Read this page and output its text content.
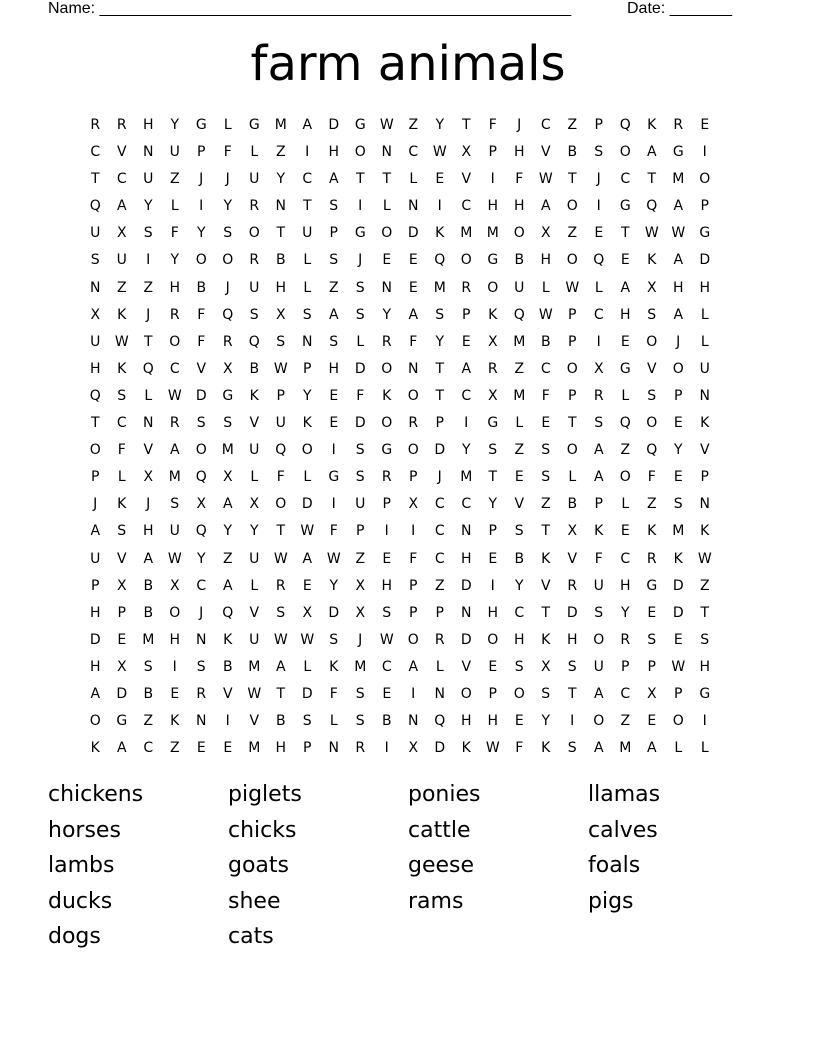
Name: _____________________________________________________	Date: _______
farm animals
R	R	H	Y	G	L	G	M	A	D	G	W	Z	Y	T	F	J	C	Z	P	Q	K	R	E
C	V	N	U	P	F	L	Z	I	H	O	N	C	W	X	P	H	V	B	S	O	A	G	I
T	C	U	Z	J	J	U	Y	C	A	T	T	L	E	V	I	F	W	T	J	C	T	M	O
Q	A	Y	L	I	Y	R	N	T	S	I	L	N	I	C	H	H	A	O	I	G	Q	A	P
U	X	S	F	Y	S	O	T	U	P	G	O	D	K	M	M	O	X	Z	E	T	W W	G
S	U	I	Y	O	O	R	B	L	S	J	E	E	Q	O	G	B	H	O	Q	E	K	A	D
N	Z	Z	H	B	J	U	H	L	Z	S	N	E	M	R	O	U	L	W	L	A	X	H	H
X	K	J	R	F	Q	S	X	S	A	S	Y	A	S	P	K	Q	W	P	C	H	S	A	L
U	W	T	O	F	R	Q	S	N	S	L	R	F	Y	E	X	M	B	P	I	E	O	J	L
H	K	Q	C	V	X	B	W	P	H	D	O	N	T	A	R	Z	C	O	X	G	V	O	U
Q	S	L	W	D	G	K	P	Y	E	F	K	O	T	C	X	M	F	P	R	L	S	P	N
T	C	N	R	S	S	V	U	K	E	D	O	R	P	I	G	L	E	T	S	Q	O	E	K
O	F	V	A	O	M	U	Q	O	I	S	G	O	D	Y	S	Z	S	O	A	Z	Q	Y	V
P	L	X	M	Q	X	L	F	L	G	S	R	P	J	M	T	E	S	L	A	O	F	E	P
J	K	J	S	X	A	X	O	D	I	U	P	X	C	C	Y	V	Z	B	P	L	Z	S	N
A	S	H	U	Q	Y	Y	T	W	F	P	I	I	C	N	P	S	T	X	K	E	K	M	K
U	V	A	W	Y	Z	U	W	A	W	Z	E	F	C	H	E	B	K	V	F	C	R	K	W
P	X	B	X	C	A	L	R	E	Y	X	H	P	Z	D	I	Y	V	R	U	H	G	D	Z
H	P	B	O	J	Q	V	S	X	D	X	S	P	P	N	H	C	T	D	S	Y	E	D	T
D	E	M	H	N	K	U	W W	S	J	W	O	R	D	O	H	K	H	O	R	S	E	S
H	X	S	I	S	B	M	A	L	K	M	C	A	L	V	E	S	X	S	U	P	P	W	H
A	D	B	E	R	V	W	T	D	F	S	E	I	N	O	P	O	S	T	A	C	X	P	G
O	G	Z	K	N	I	V	B	S	L	S	B	N	Q	H	H	E	Y	I	O	Z	E	O	I
K	A	C	Z	E	E	M	H	P	N	R	I	X	D	K	W	F	K	S	A	M	A	L	L
chickens	piglets	ponies	llamas
horses	chicks	cattle	calves
lambs	goats	geese	foals
ducks	shee	rams	pigs
dogs	cats
